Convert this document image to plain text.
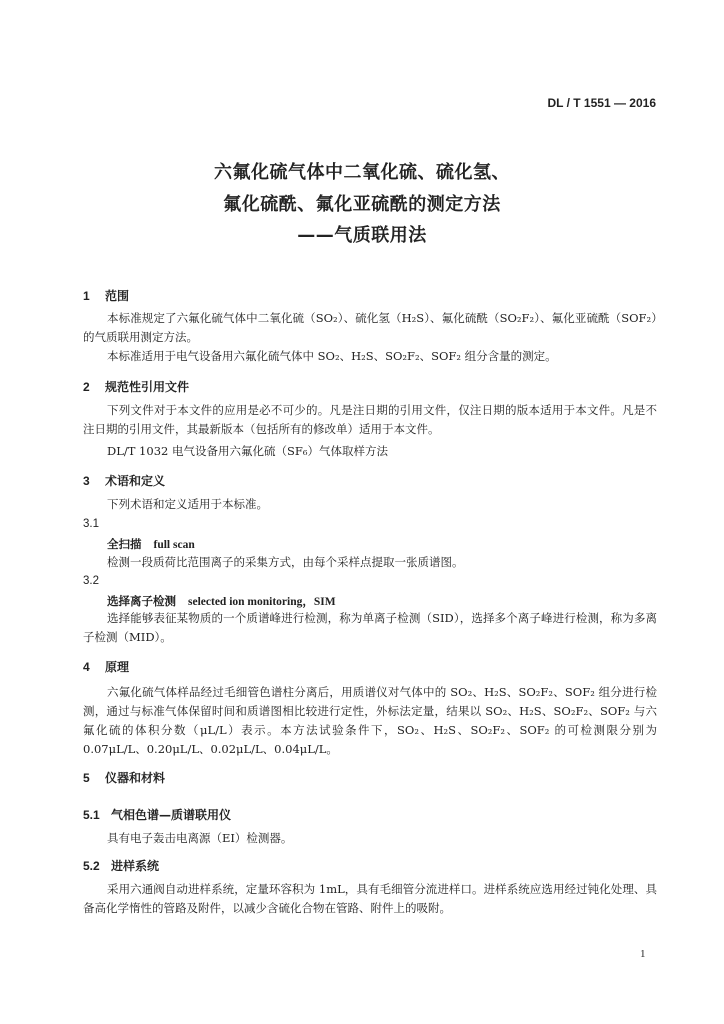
DL / T 1551 — 2016
六氟化硫气体中二氧化硫、硫化氢、
氟化硫酰、氟化亚硫酰的测定方法
——气质联用法
1 范围
本标准规定了六氟化硫气体中二氧化硫（SO₂）、硫化氢（H₂S）、氟化硫酰（SO₂F₂）、氟化亚硫酰（SOF₂）的气质联用测定方法。
本标准适用于电气设备用六氟化硫气体中 SO₂、H₂S、SO₂F₂、SOF₂ 组分含量的测定。
2 规范性引用文件
下列文件对于本文件的应用是必不可少的。凡是注日期的引用文件，仅注日期的版本适用于本文件。凡是不注日期的引用文件，其最新版本（包括所有的修改单）适用于本文件。
DL/T 1032 电气设备用六氟化硫（SF₆）气体取样方法
3 术语和定义
下列术语和定义适用于本标准。
3.1
全扫描 full scan
检测一段质荷比范围离子的采集方式，由每个采样点提取一张质谱图。
3.2
选择离子检测 selected ion monitoring，SIM
选择能够表征某物质的一个质谱峰进行检测，称为单离子检测（SID），选择多个离子峰进行检测，称为多离子检测（MID）。
4 原理
六氟化硫气体样品经过毛细管色谱柱分离后，用质谱仪对气体中的 SO₂、H₂S、SO₂F₂、SOF₂ 组分进行检测，通过与标准气体保留时间和质谱图相比较进行定性，外标法定量，结果以 SO₂、H₂S、SO₂F₂、SOF₂ 与六氟化硫的体积分数（μL/L）表示。本方法试验条件下，SO₂、H₂S、SO₂F₂、SOF₂ 的可检测限分别为 0.07μL/L、0.20μL/L、0.02μL/L、0.04μL/L。
5 仪器和材料
5.1 气相色谱—质谱联用仪
具有电子轰击电离源（EI）检测器。
5.2 进样系统
采用六通阀自动进样系统，定量环容积为 1mL，具有毛细管分流进样口。进样系统应选用经过钝化处理、具备高化学惰性的管路及附件，以减少含硫化合物在管路、附件上的吸附。
1
